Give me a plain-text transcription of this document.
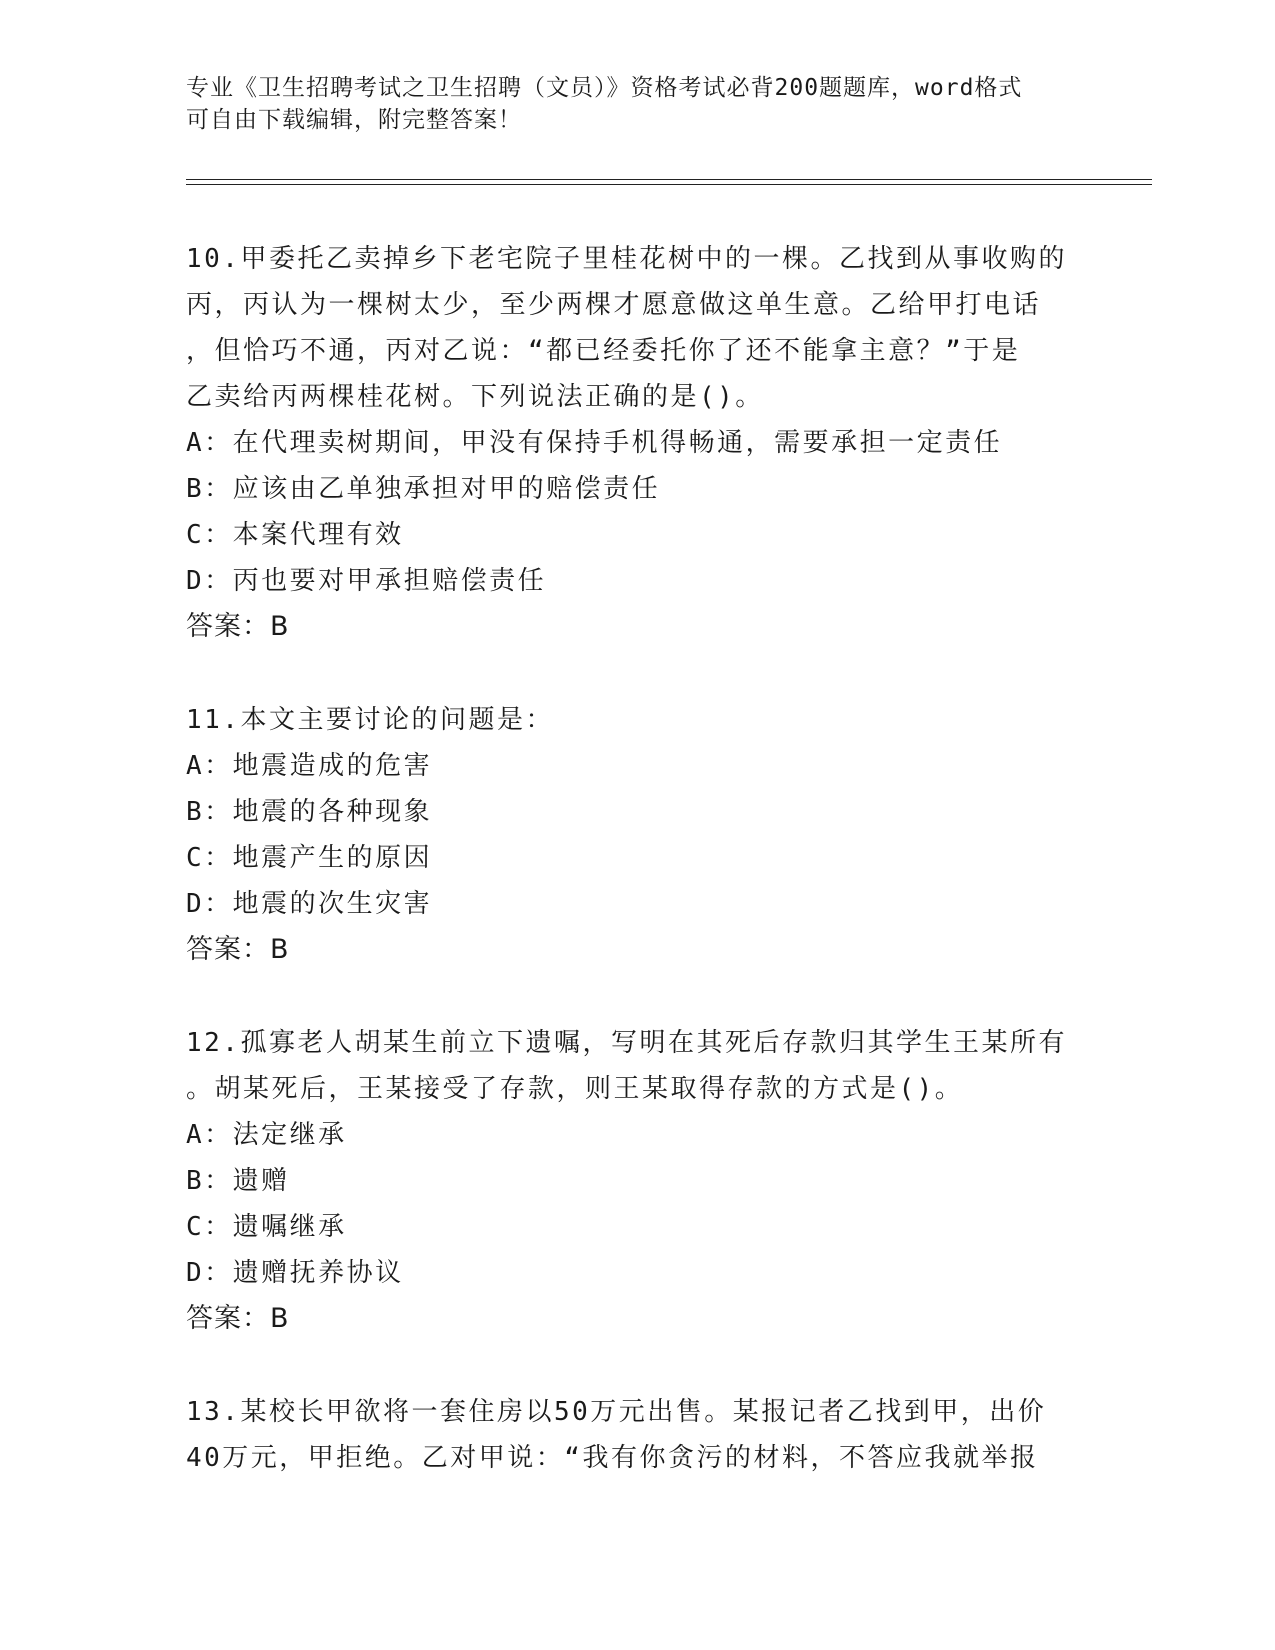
专业《卫生招聘考试之卫生招聘（文员）》资格考试必背200题题库，word格式
可自由下载编辑，附完整答案！
10.甲委托乙卖掉乡下老宅院子里桂花树中的一棵。乙找到从事收购的
丙，丙认为一棵树太少，至少两棵才愿意做这单生意。乙给甲打电话
，但恰巧不通，丙对乙说：“都已经委托你了还不能拿主意？”于是
乙卖给丙两棵桂花树。下列说法正确的是()。
A：在代理卖树期间，甲没有保持手机得畅通，需要承担一定责任
B：应该由乙单独承担对甲的赔偿责任
C：本案代理有效
D：丙也要对甲承担赔偿责任
答案：B
11.本文主要讨论的问题是：
A：地震造成的危害
B：地震的各种现象
C：地震产生的原因
D：地震的次生灾害
答案：B
12.孤寡老人胡某生前立下遗嘱，写明在其死后存款归其学生王某所有
。胡某死后，王某接受了存款，则王某取得存款的方式是()。
A：法定继承
B：遗赠
C：遗嘱继承
D：遗赠抚养协议
答案：B
13.某校长甲欲将一套住房以50万元出售。某报记者乙找到甲，出价
40万元，甲拒绝。乙对甲说：“我有你贪污的材料，不答应我就举报
